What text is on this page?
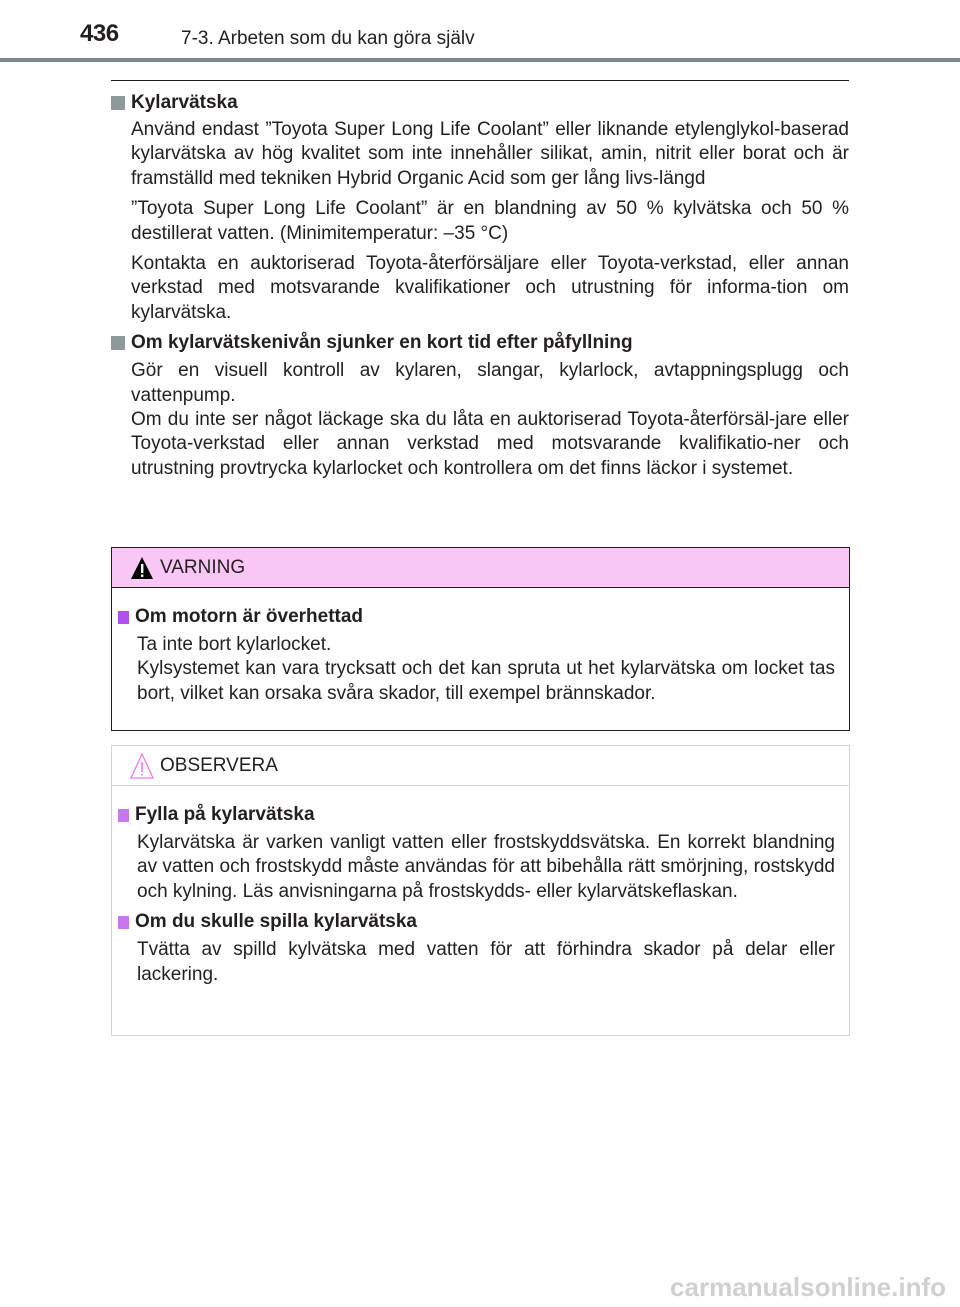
436	7-3. Arbeten som du kan göra själv
Kylarvätska
Använd endast ”Toyota Super Long Life Coolant” eller liknande etylenglykol-baserad kylarvätska av hög kvalitet som inte innehåller silikat, amin, nitrit eller borat och är framställd med tekniken Hybrid Organic Acid som ger lång livs-längd
”Toyota Super Long Life Coolant” är en blandning av 50 % kylvätska och 50 % destillerat vatten. (Minimitemperatur: –35 °C)
Kontakta en auktoriserad Toyota-återförsäljare eller Toyota-verkstad, eller annan verkstad med motsvarande kvalifikationer och utrustning för informa-tion om kylarvätska.
Om kylarvätskenivån sjunker en kort tid efter påfyllning
Gör en visuell kontroll av kylaren, slangar, kylarlock, avtappningsplugg och vattenpump.
Om du inte ser något läckage ska du låta en auktoriserad Toyota-återförsäl-jare eller Toyota-verkstad eller annan verkstad med motsvarande kvalifikatio-ner och utrustning provtrycka kylarlocket och kontrollera om det finns läckor i systemet.
VARNING
Om motorn är överhettad
Ta inte bort kylarlocket.
Kylsystemet kan vara trycksatt och det kan spruta ut het kylarvätska om locket tas bort, vilket kan orsaka svåra skador, till exempel brännskador.
OBSERVERA
Fylla på kylarvätska
Kylarvätska är varken vanligt vatten eller frostskyddsvätska. En korrekt blandning av vatten och frostskydd måste användas för att bibehålla rätt smörjning, rostskydd och kylning. Läs anvisningarna på frostskydds- eller kylarvätskeflaskan.
Om du skulle spilla kylarvätska
Tvätta av spilld kylvätska med vatten för att förhindra skador på delar eller lackering.
carmanualsonline.info
